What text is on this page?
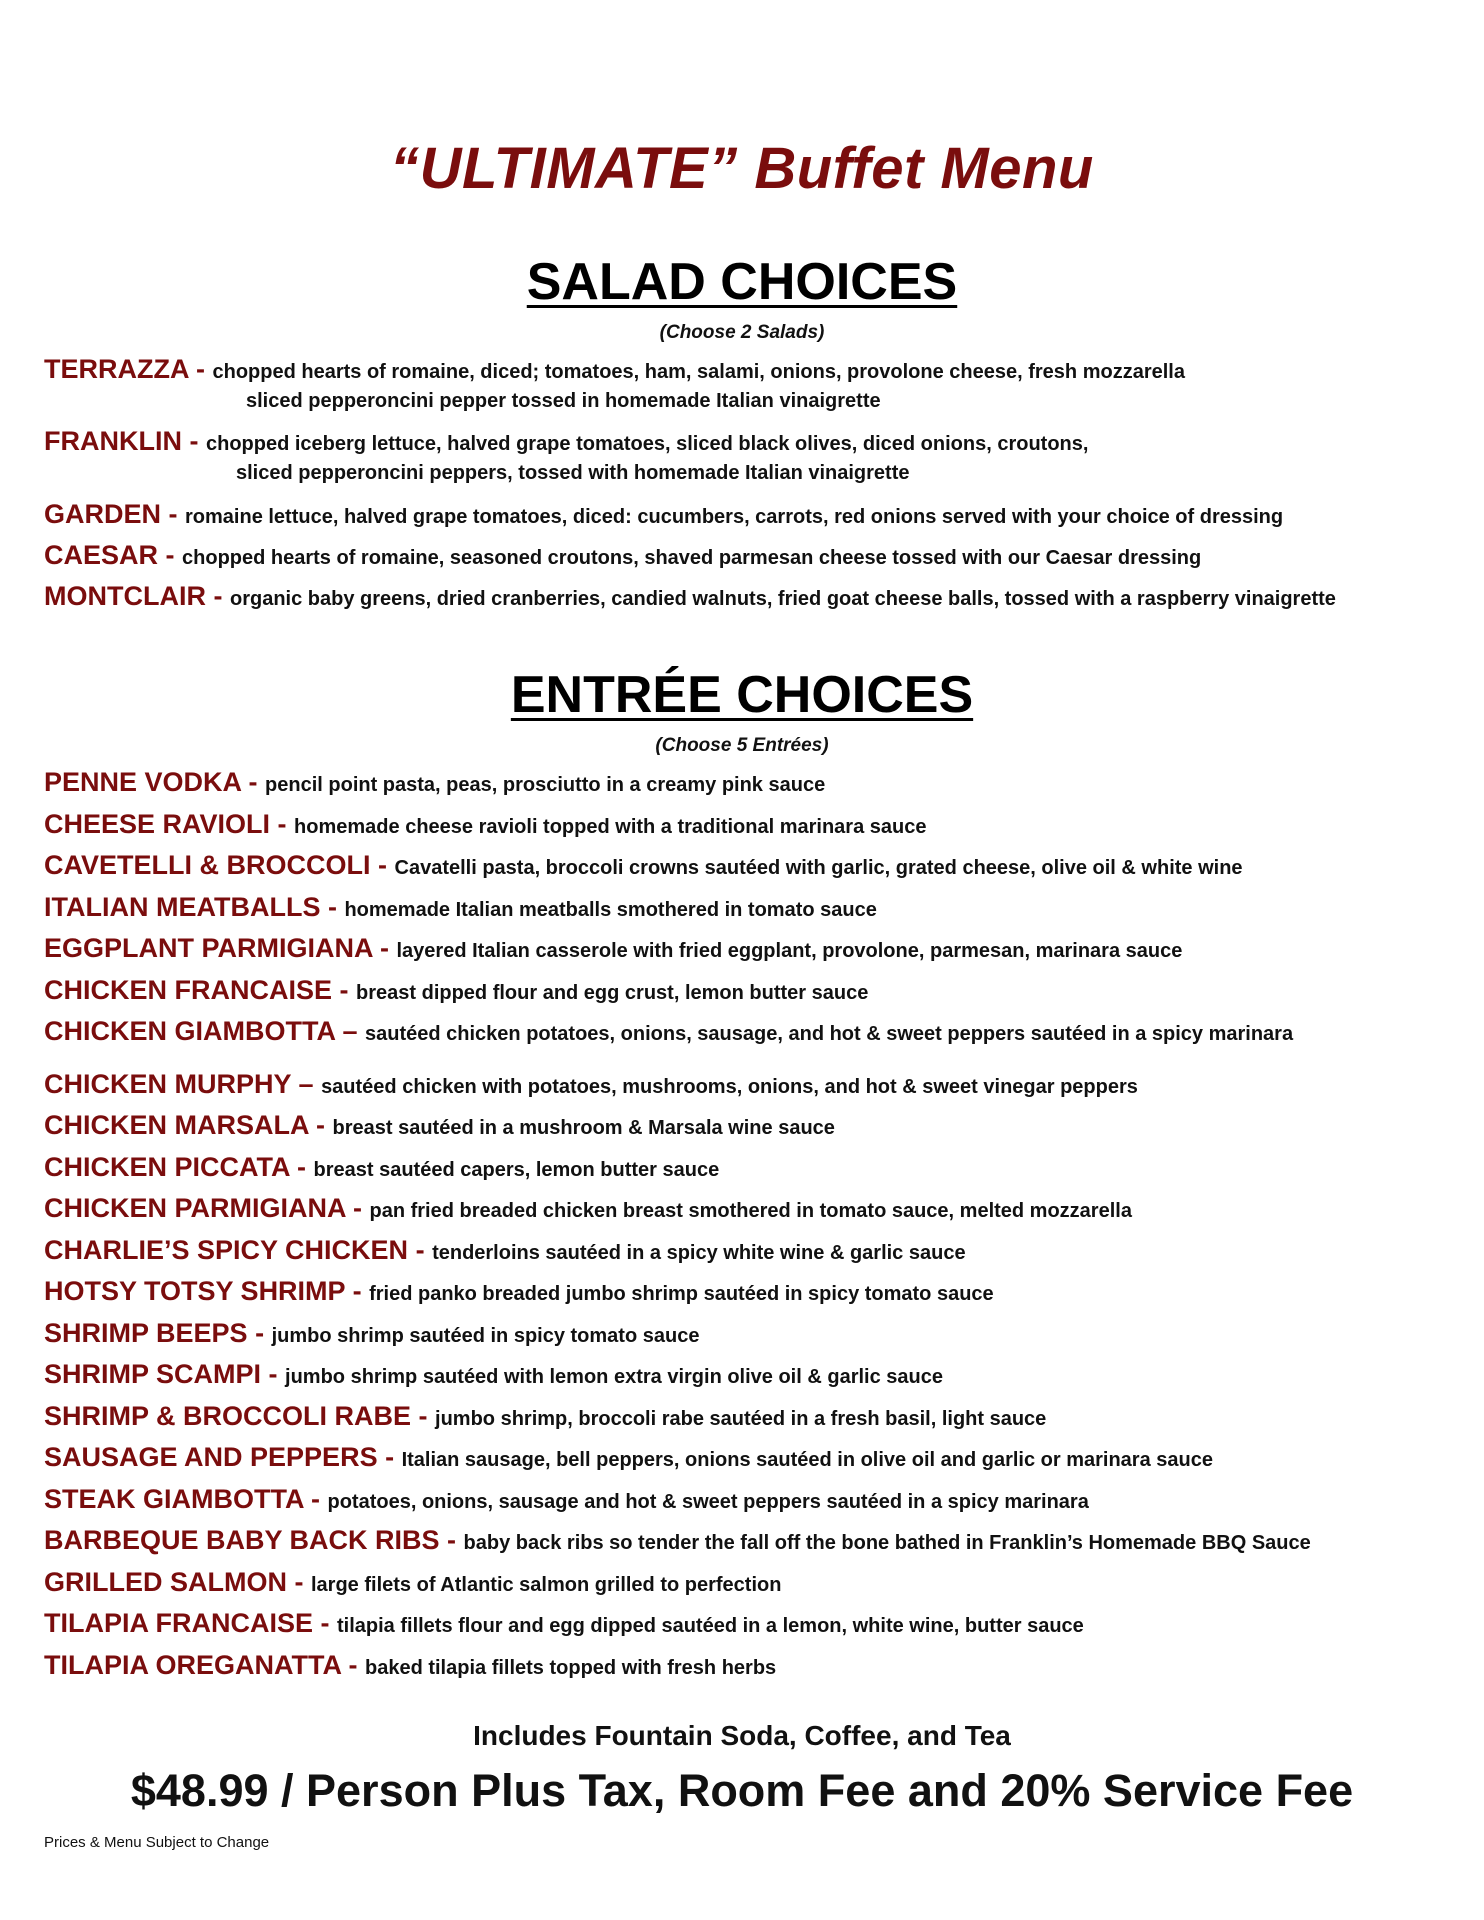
“ULTIMATE” Buffet Menu
SALAD CHOICES
(Choose 2 Salads)
TERRAZZA - chopped hearts of romaine, diced; tomatoes, ham, salami, onions, provolone cheese, fresh mozzarella
sliced pepperoncini pepper tossed in homemade Italian vinaigrette
FRANKLIN - chopped iceberg lettuce, halved grape tomatoes, sliced black olives, diced onions, croutons,
sliced pepperoncini peppers, tossed with homemade Italian vinaigrette
GARDEN - romaine lettuce, halved grape tomatoes, diced: cucumbers, carrots, red onions served with your choice of dressing
CAESAR - chopped hearts of romaine, seasoned croutons, shaved parmesan cheese tossed with our Caesar dressing
MONTCLAIR - organic baby greens, dried cranberries, candied walnuts, fried goat cheese balls, tossed with a raspberry vinaigrette
ENTRÉE CHOICES
(Choose 5 Entrées)
PENNE VODKA - pencil point pasta, peas, prosciutto in a creamy pink sauce
CHEESE RAVIOLI - homemade cheese ravioli topped with a traditional marinara sauce
CAVETELLI & BROCCOLI - Cavatelli pasta, broccoli crowns sautéed with garlic, grated cheese, olive oil & white wine
ITALIAN MEATBALLS - homemade Italian meatballs smothered in tomato sauce
EGGPLANT PARMIGIANA - layered Italian casserole with fried eggplant, provolone, parmesan, marinara sauce
CHICKEN FRANCAISE - breast dipped flour and egg crust, lemon butter sauce
CHICKEN GIAMBOTTA – sautéed chicken potatoes, onions, sausage, and hot & sweet peppers sautéed in a spicy marinara
CHICKEN MURPHY – sautéed chicken with potatoes, mushrooms, onions, and hot & sweet vinegar peppers
CHICKEN MARSALA - breast sautéed in a mushroom & Marsala wine sauce
CHICKEN PICCATA - breast sautéed capers, lemon butter sauce
CHICKEN PARMIGIANA - pan fried breaded chicken breast smothered in tomato sauce, melted mozzarella
CHARLIE’S SPICY CHICKEN - tenderloins sautéed in a spicy white wine & garlic sauce
HOTSY TOTSY SHRIMP - fried panko breaded jumbo shrimp sautéed in spicy tomato sauce
SHRIMP BEEPS - jumbo shrimp sautéed in spicy tomato sauce
SHRIMP SCAMPI - jumbo shrimp sautéed with lemon extra virgin olive oil & garlic sauce
SHRIMP & BROCCOLI RABE - jumbo shrimp, broccoli rabe sautéed in a fresh basil, light sauce
SAUSAGE AND PEPPERS - Italian sausage, bell peppers, onions sautéed in olive oil and garlic or marinara sauce
STEAK GIAMBOTTA - potatoes, onions, sausage and hot & sweet peppers sautéed in a spicy marinara
BARBEQUE BABY BACK RIBS - baby back ribs so tender the fall off the bone bathed in Franklin’s Homemade BBQ Sauce
GRILLED SALMON - large filets of Atlantic salmon grilled to perfection
TILAPIA FRANCAISE - tilapia fillets flour and egg dipped sautéed in a lemon, white wine, butter sauce
TILAPIA OREGANATTA - baked tilapia fillets topped with fresh herbs
Includes Fountain Soda, Coffee, and Tea
$48.99 / Person Plus Tax, Room Fee and 20% Service Fee
Prices & Menu Subject to Change
